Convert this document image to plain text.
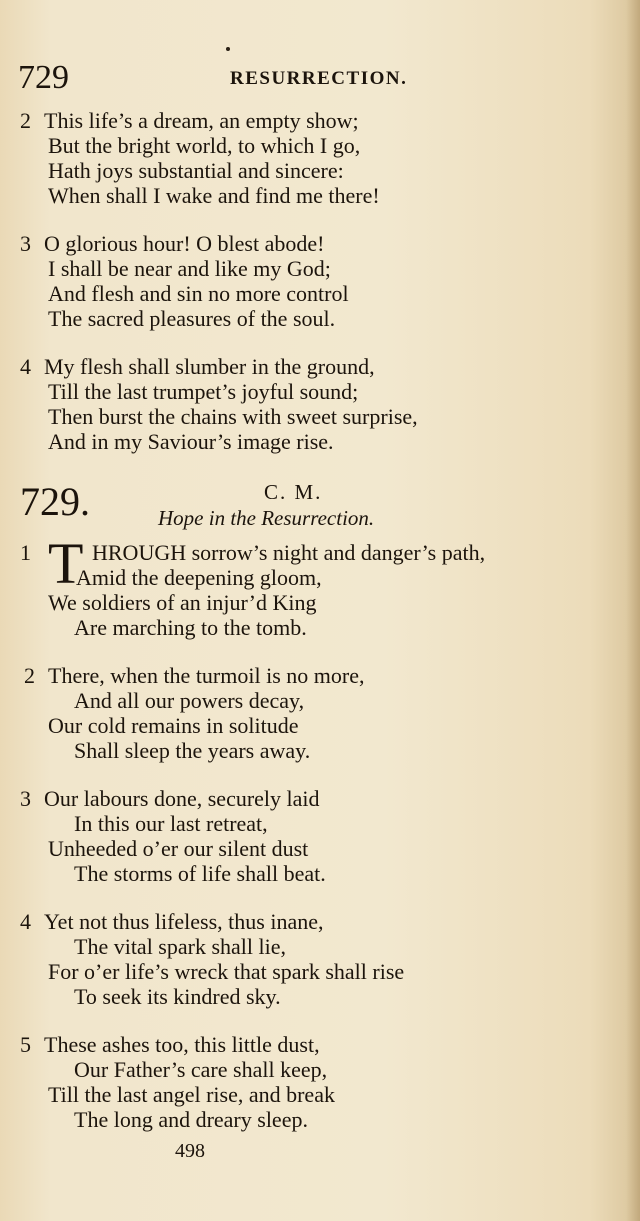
729	RESURRECTION.
2 This life’s a dream, an empty show;
But the bright world, to which I go,
Hath joys substantial and sincere:
When shall I wake and find me there!
3 O glorious hour! O blest abode!
I shall be near and like my God;
And flesh and sin no more control
The sacred pleasures of the soul.
4 My flesh shall slumber in the ground,
Till the last trumpet’s joyful sound;
Then burst the chains with sweet surprise,
And in my Saviour’s image rise.
729.	C. M.
Hope in the Resurrection.
1 T HROUGH sorrow’s night and danger’s path,
Amid the deepening gloom,
We soldiers of an injur’d King
Are marching to the tomb.
2 There, when the turmoil is no more,
And all our powers decay,
Our cold remains in solitude
Shall sleep the years away.
3 Our labours done, securely laid
In this our last retreat,
Unheeded o’er our silent dust
The storms of life shall beat.
4 Yet not thus lifeless, thus inane,
The vital spark shall lie,
For o’er life’s wreck that spark shall rise
To seek its kindred sky.
5 These ashes too, this little dust,
Our Father’s care shall keep,
Till the last angel rise, and break
The long and dreary sleep.
498
